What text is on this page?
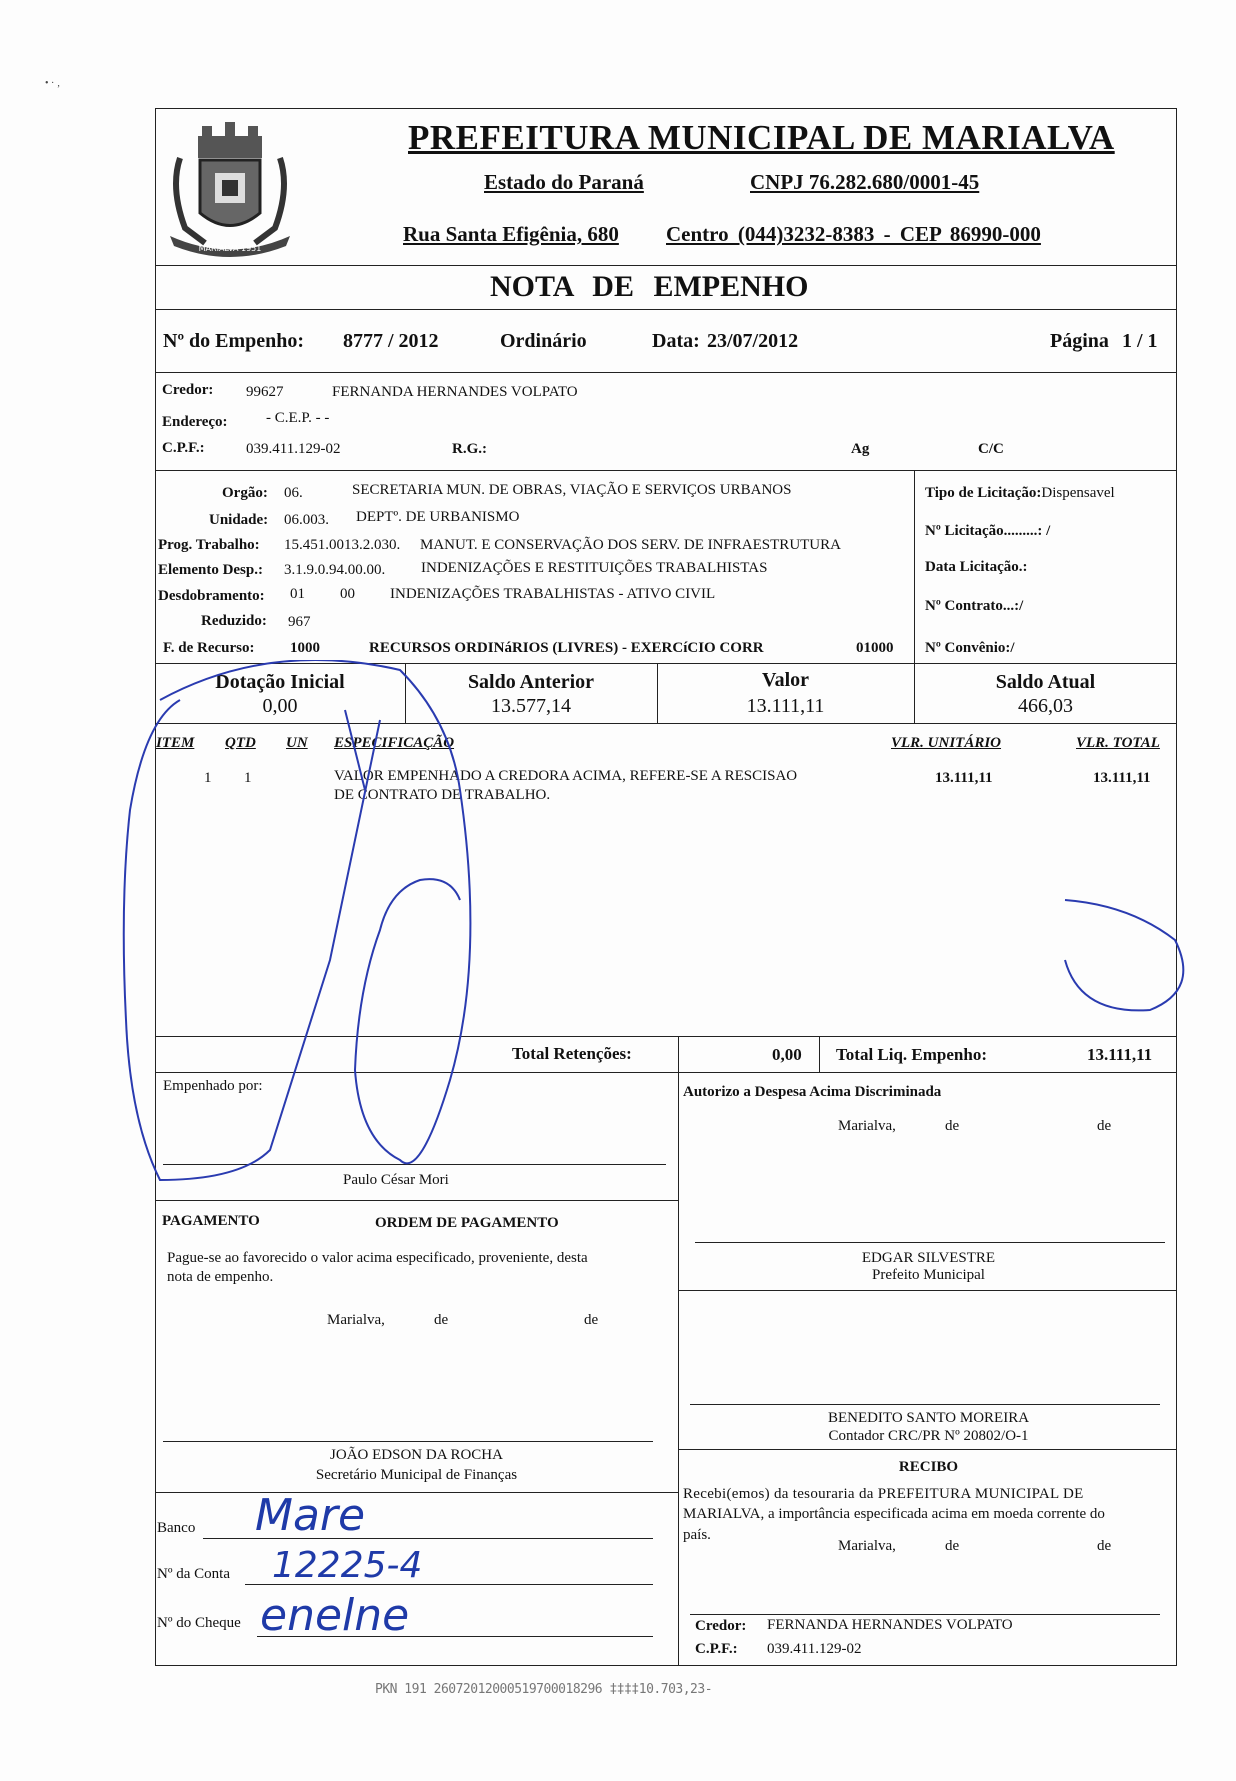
• · ‚
MARIALVA 1951
PREFEITURA MUNICIPAL DE MARIALVA
Estado do Paraná	CNPJ 76.282.680/0001-45
Rua Santa Efigênia, 680 Centro (044)3232-8383 - CEP 86990-000
NOTA DE EMPENHO
Nº do Empenho: 8777 / 2012	Ordinário	Data: 23/07/2012	Página 1 / 1
Credor: 99627	FERNANDA HERNANDES VOLPATO
Endereço:	- C.E.P. - -
C.P.F.:	039.411.129-02	R.G.:	Ag	C/C
Orgão: 06.	SECRETARIA MUN. DE OBRAS, VIAÇÃO E SERVIÇOS URBANOS
Unidade: 06.003. DEPTº. DE URBANISMO
Prog. Trabalho: 15.451.0013.2.030. MANUT. E CONSERVAÇÃO DOS SERV. DE INFRAESTRUTURA
Elemento Desp.: 3.1.9.0.94.00.00. INDENIZAÇÕES E RESTITUIÇÕES TRABALHISTAS
Desdobramento: 01 00 INDENIZAÇÕES TRABALHISTAS - ATIVO CIVIL
Reduzido: 967
F. de Recurso: 1000	RECURSOS ORDINáRIOS (LIVRES) - EXERCíCIO CORR	01000
Tipo de Licitação:Dispensavel
Nº Licitação.........: /
Data Licitação.:
Nº Contrato...:/
Nº Convênio:/
Dotação Inicial
0,00
Saldo Anterior
13.577,14
Valor
13.111,11
Saldo Atual
466,03
ITEM QTD UN ESPECIFICAÇÃO	VLR. UNITÁRIO	VLR. TOTAL
1 1	VALOR EMPENHADO A CREDORA ACIMA, REFERE-SE A RESCISAO
DE CONTRATO DE TRABALHO.
13.111,11	13.111,11
Total Retenções:	0,00 Total Liq. Empenho:	13.111,11
Empenhado por:
Paulo César Mori
Autorizo a Despesa Acima Discriminada
Marialva,	de	de
EDGAR SILVESTRE
Prefeito Municipal
PAGAMENTO	ORDEM DE PAGAMENTO
Pague-se ao favorecido o valor acima especificado, proveniente, desta
nota de empenho.
Marialva,	de	de
BENEDITO SANTO MOREIRA
Contador CRC/PR Nº 20802/O-1
JOÃO EDSON DA ROCHA
Secretário Municipal de Finanças	RECIBO
Recebi(emos) da tesouraria da PREFEITURA MUNICIPAL DE
MARIALVA, a importância especificada acima em moeda corrente do
país.
Marialva,	de	de
Credor: FERNANDA HERNANDES VOLPATO
C.P.F.: 039.411.129-02
Banco Mare
Nº da Conta 12225-4
Nº do Cheque enelne
PKN 191 26072012000519700018296 ‡‡‡‡10.703,23-
